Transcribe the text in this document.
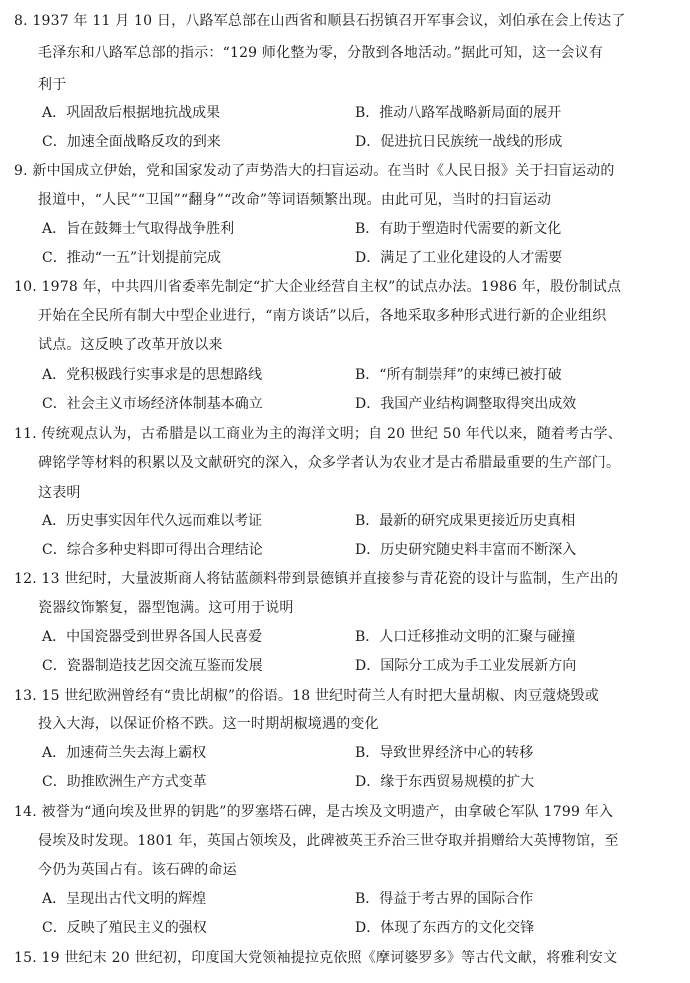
8. 1937 年 11 月 10 日，八路军总部在山西省和顺县石拐镇召开军事会议，刘伯承在会上传达了
毛泽东和八路军总部的指示：“129 师化整为零，分散到各地活动。”据此可知，这一会议有
利于
A．巩固敌后根据地抗战成果	B．推动八路军战略新局面的展开
C．加速全面战略反攻的到来	D．促进抗日民族统一战线的形成
9. 新中国成立伊始，党和国家发动了声势浩大的扫盲运动。在当时《人民日报》关于扫盲运动的
报道中，“人民”“卫国”“翻身”“改命”等词语频繁出现。由此可见，当时的扫盲运动
A．旨在鼓舞士气取得战争胜利	B．有助于塑造时代需要的新文化
C．推动“一五”计划提前完成	D．满足了工业化建设的人才需要
10. 1978 年，中共四川省委率先制定“扩大企业经营自主权”的试点办法。1986 年，股份制试点
开始在全民所有制大中型企业进行，“南方谈话”以后，各地采取多种形式进行新的企业组织
试点。这反映了改革开放以来
A．党积极践行实事求是的思想路线	B．“所有制崇拜”的束缚已被打破
C．社会主义市场经济体制基本确立	D．我国产业结构调整取得突出成效
11. 传统观点认为，古希腊是以工商业为主的海洋文明；自 20 世纪 50 年代以来，随着考古学、
碑铭学等材料的积累以及文献研究的深入，众多学者认为农业才是古希腊最重要的生产部门。
这表明
A．历史事实因年代久远而难以考证	B．最新的研究成果更接近历史真相
C．综合多种史料即可得出合理结论	D．历史研究随史料丰富而不断深入
12. 13 世纪时，大量波斯商人将钴蓝颜料带到景德镇并直接参与青花瓷的设计与监制，生产出的
瓷器纹饰繁复，器型饱满。这可用于说明
A．中国瓷器受到世界各国人民喜爱	B．人口迁移推动文明的汇聚与碰撞
C．瓷器制造技艺因交流互鉴而发展	D．国际分工成为手工业发展新方向
13. 15 世纪欧洲曾经有“贵比胡椒”的俗语。18 世纪时荷兰人有时把大量胡椒、肉豆蔻烧毁或
投入大海，以保证价格不跌。这一时期胡椒境遇的变化
A．加速荷兰失去海上霸权	B．导致世界经济中心的转移
C．助推欧洲生产方式变革	D．缘于东西贸易规模的扩大
14. 被誉为“通向埃及世界的钥匙”的罗塞塔石碑，是古埃及文明遗产，由拿破仑军队 1799 年入
侵埃及时发现。1801 年，英国占领埃及，此碑被英王乔治三世夺取并捐赠给大英博物馆，至
今仍为英国占有。该石碑的命运
A．呈现出古代文明的辉煌	B．得益于考古界的国际合作
C．反映了殖民主义的强权	D．体现了东西方的文化交锋
15. 19 世纪末 20 世纪初，印度国大党领袖提拉克依照《摩诃婆罗多》等古代文献，将雅利安文
